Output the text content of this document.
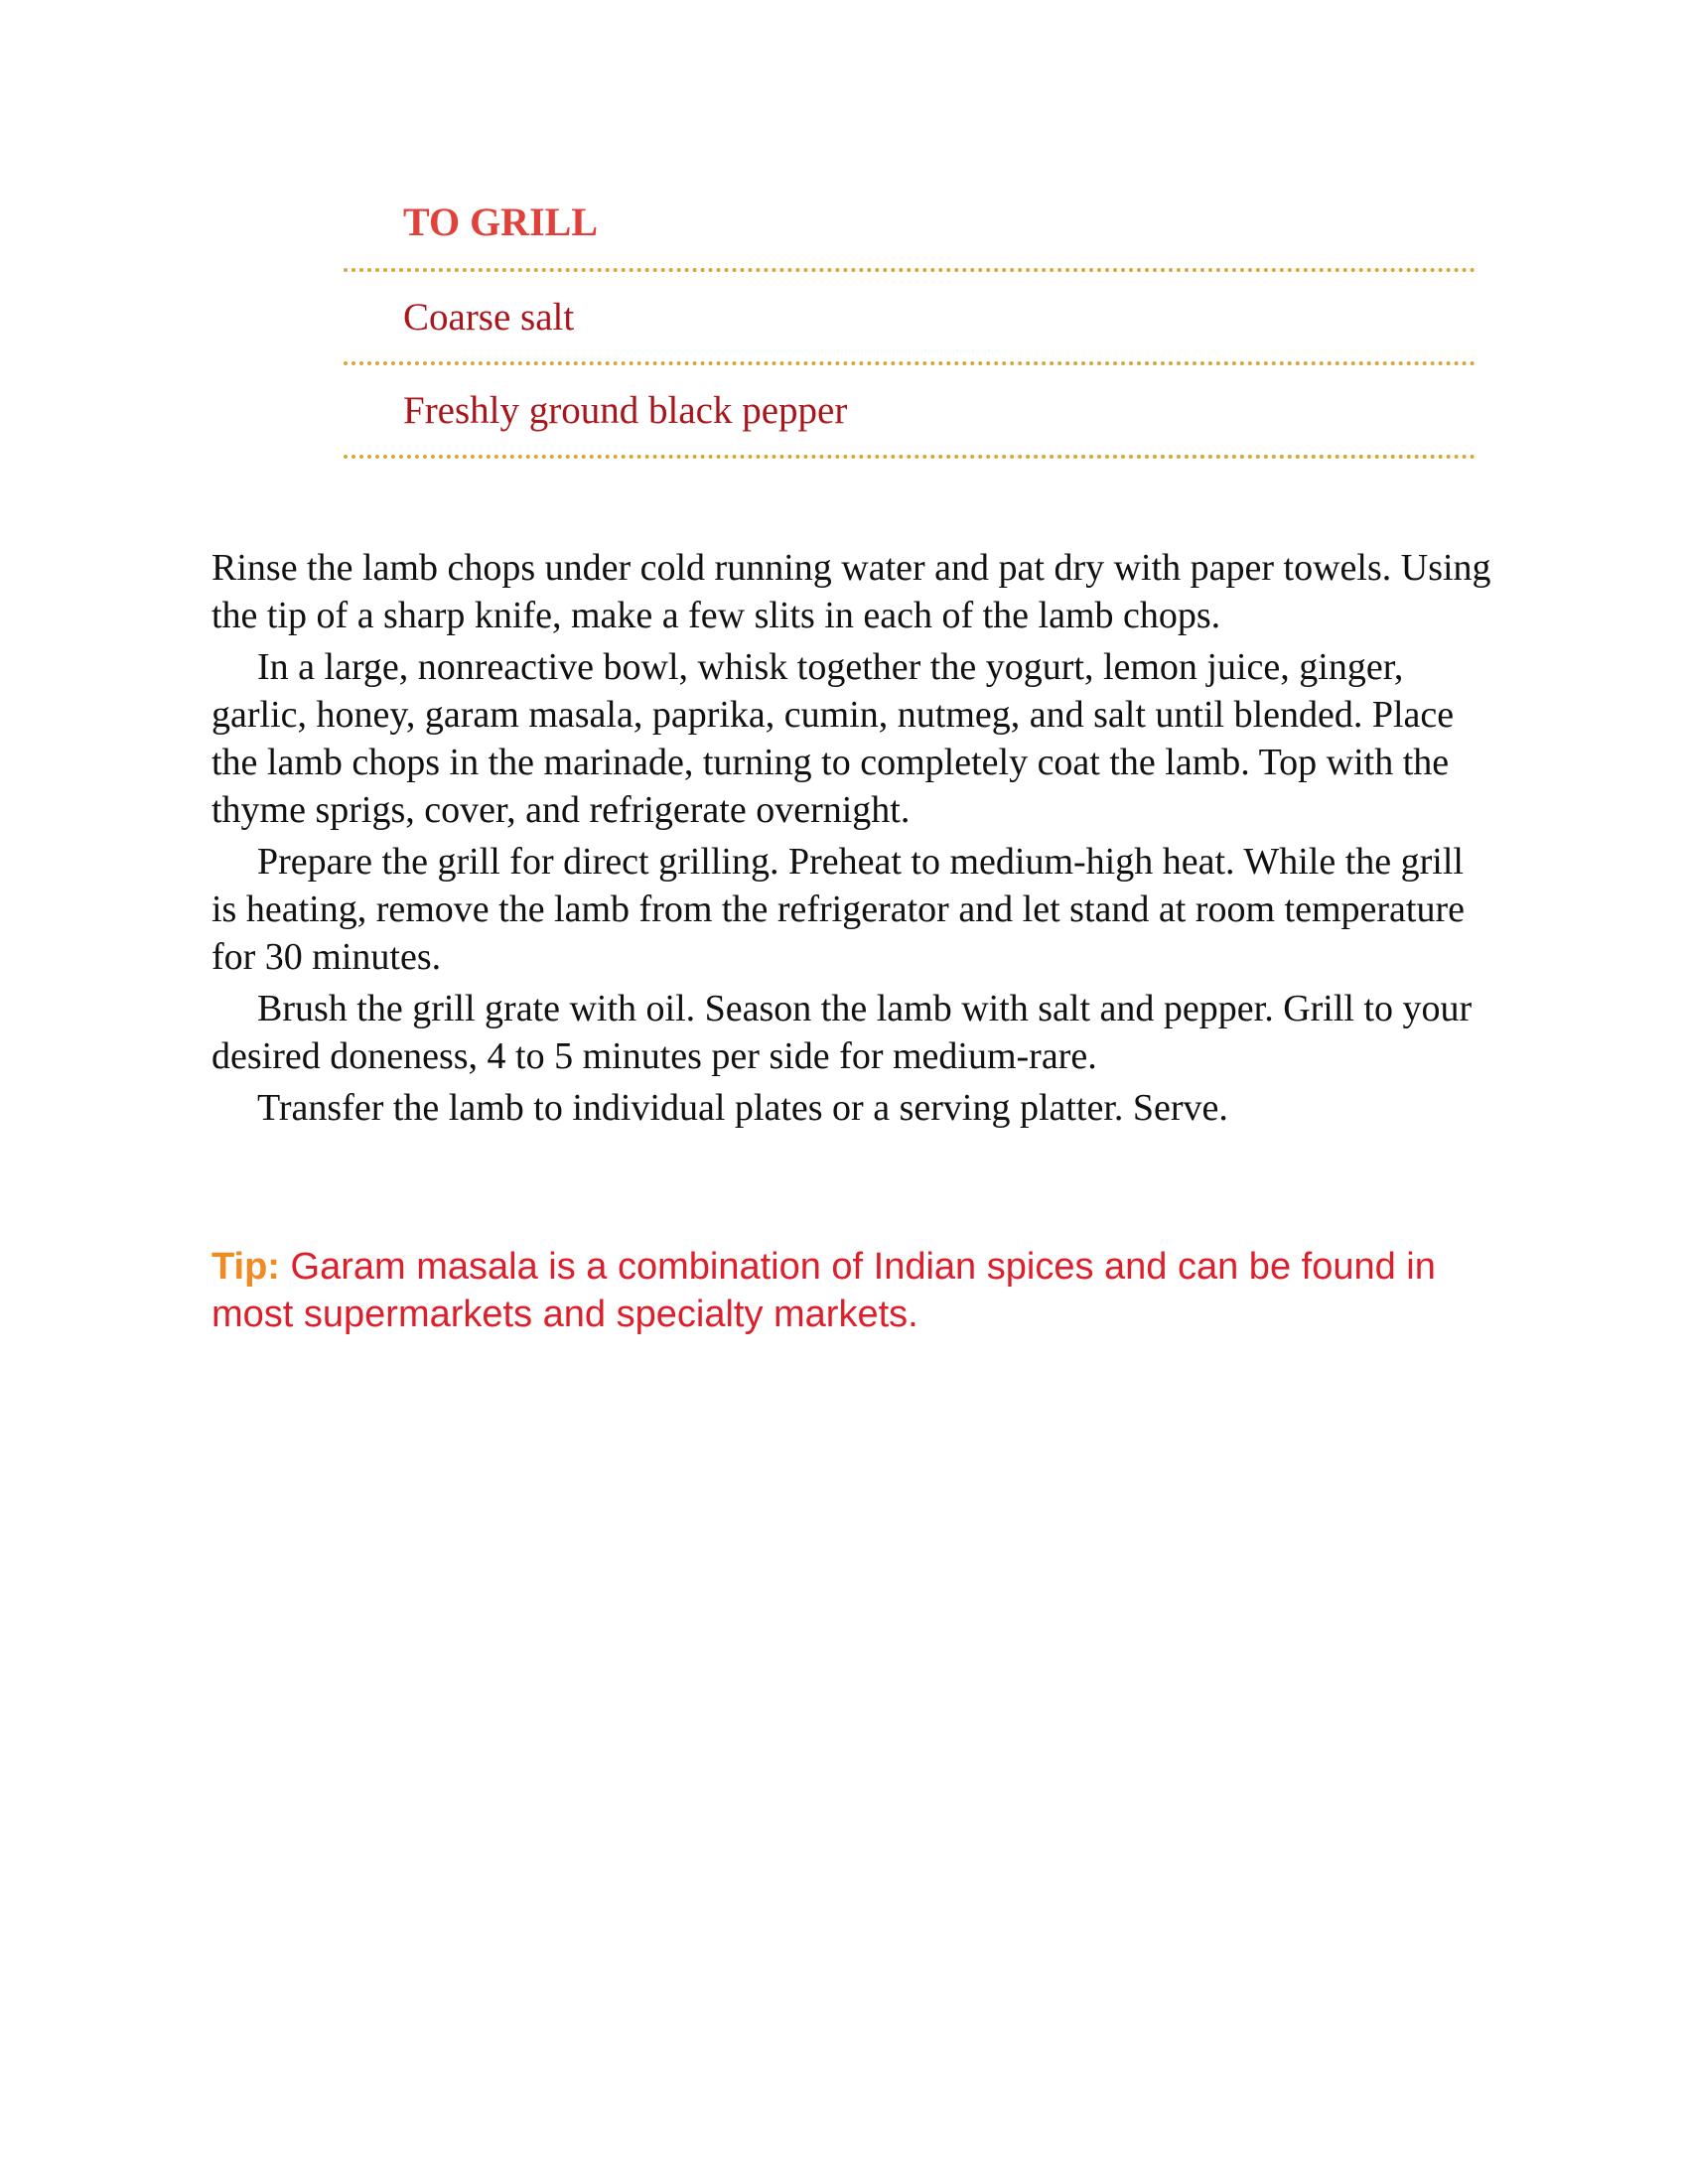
TO GRILL
Coarse salt
Freshly ground black pepper

Rinse the lamb chops under cold running water and pat dry with paper towels. Using the tip of a sharp knife, make a few slits in each of the lamb chops.

In a large, nonreactive bowl, whisk together the yogurt, lemon juice, ginger, garlic, honey, garam masala, paprika, cumin, nutmeg, and salt until blended. Place the lamb chops in the marinade, turning to completely coat the lamb. Top with the thyme sprigs, cover, and refrigerate overnight.

Prepare the grill for direct grilling. Preheat to medium-high heat. While the grill is heating, remove the lamb from the refrigerator and let stand at room temperature for 30 minutes.

Brush the grill grate with oil. Season the lamb with salt and pepper. Grill to your desired doneness, 4 to 5 minutes per side for medium-rare.

Transfer the lamb to individual plates or a serving platter. Serve.

Tip: Garam masala is a combination of Indian spices and can be found in most supermarkets and specialty markets.
